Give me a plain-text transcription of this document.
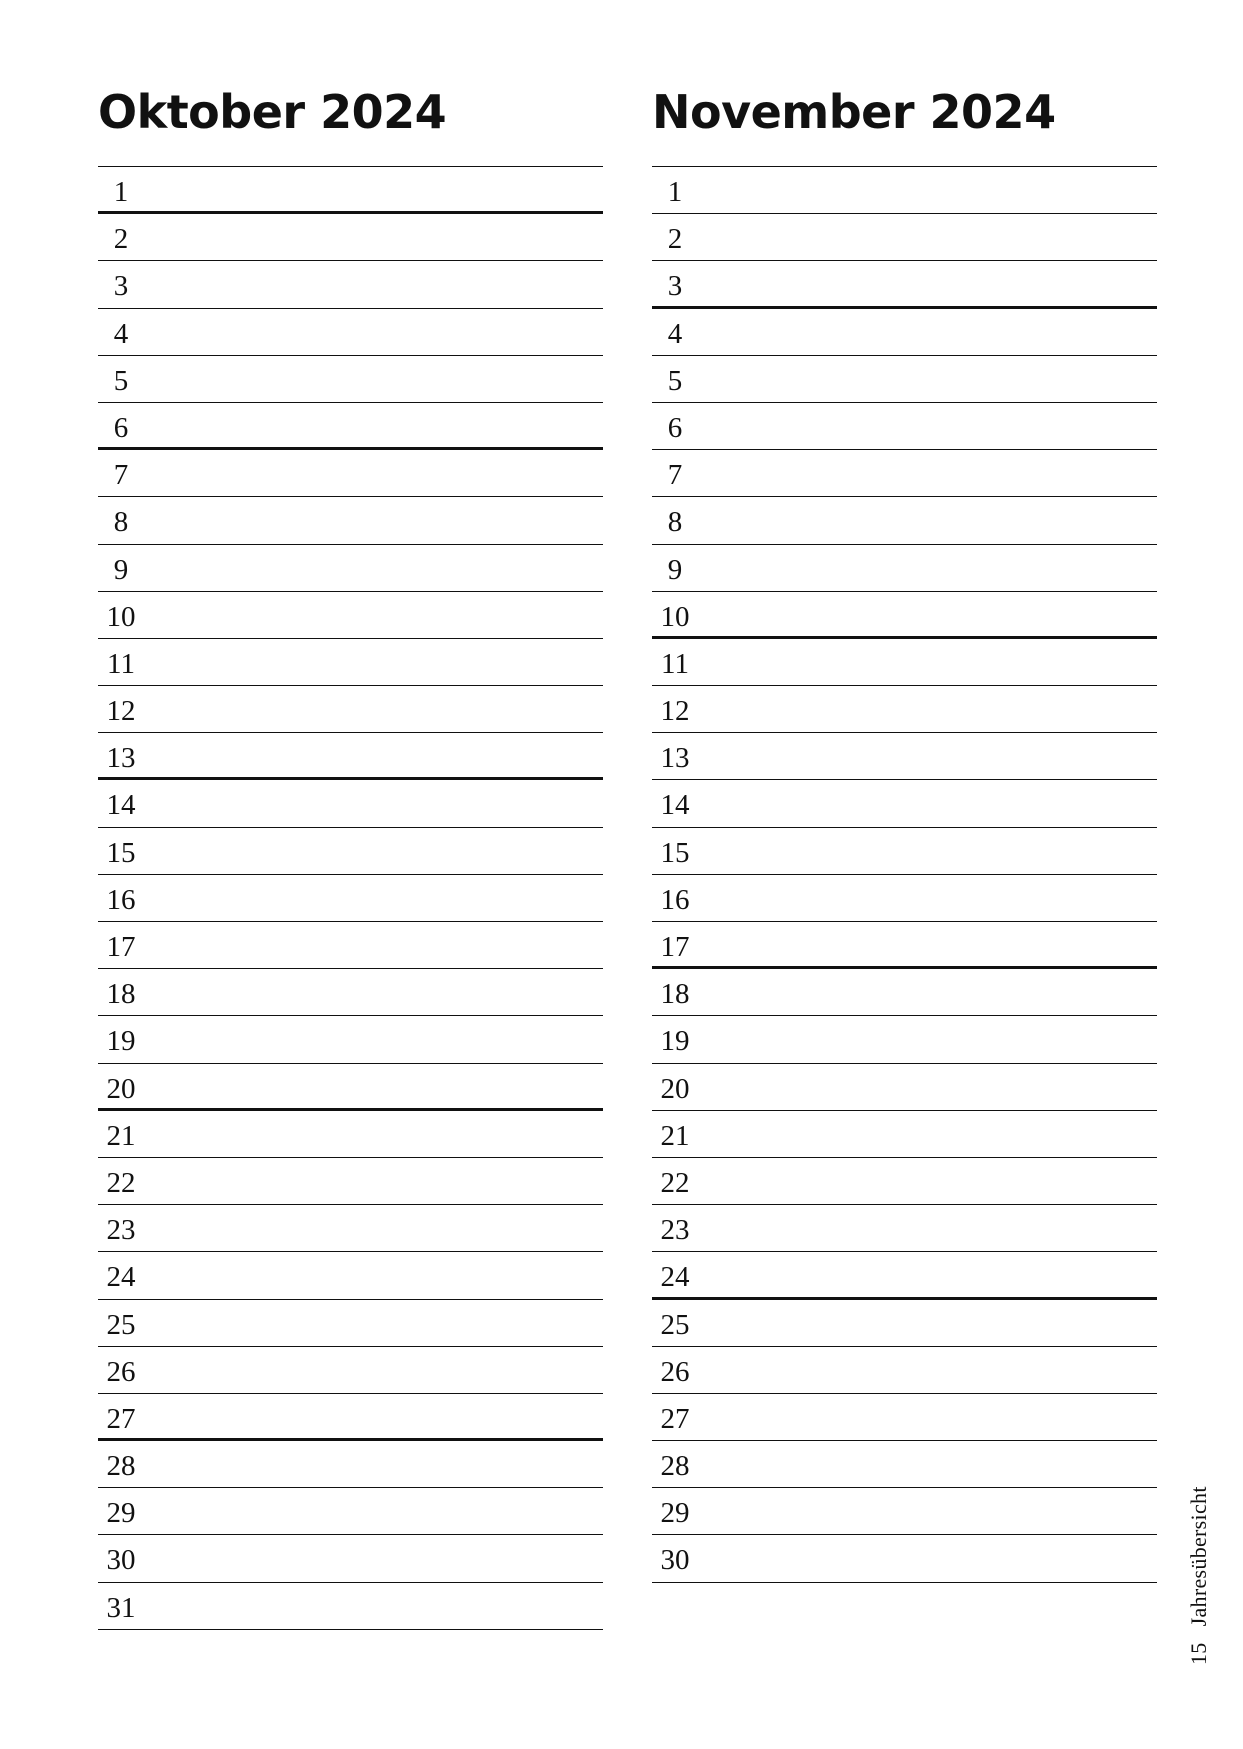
Oktober 2024
1
2
3
4
5
6
7
8
9
10
11
12
13
14
15
16
17
18
19
20
21
22
23
24
25
26
27
28
29
30
31
November 2024
1
2
3
4
5
6
7
8
9
10
11
12
13
14
15
16
17
18
19
20
21
22
23
24
25
26
27
28
29
30
15Jahresübersicht
